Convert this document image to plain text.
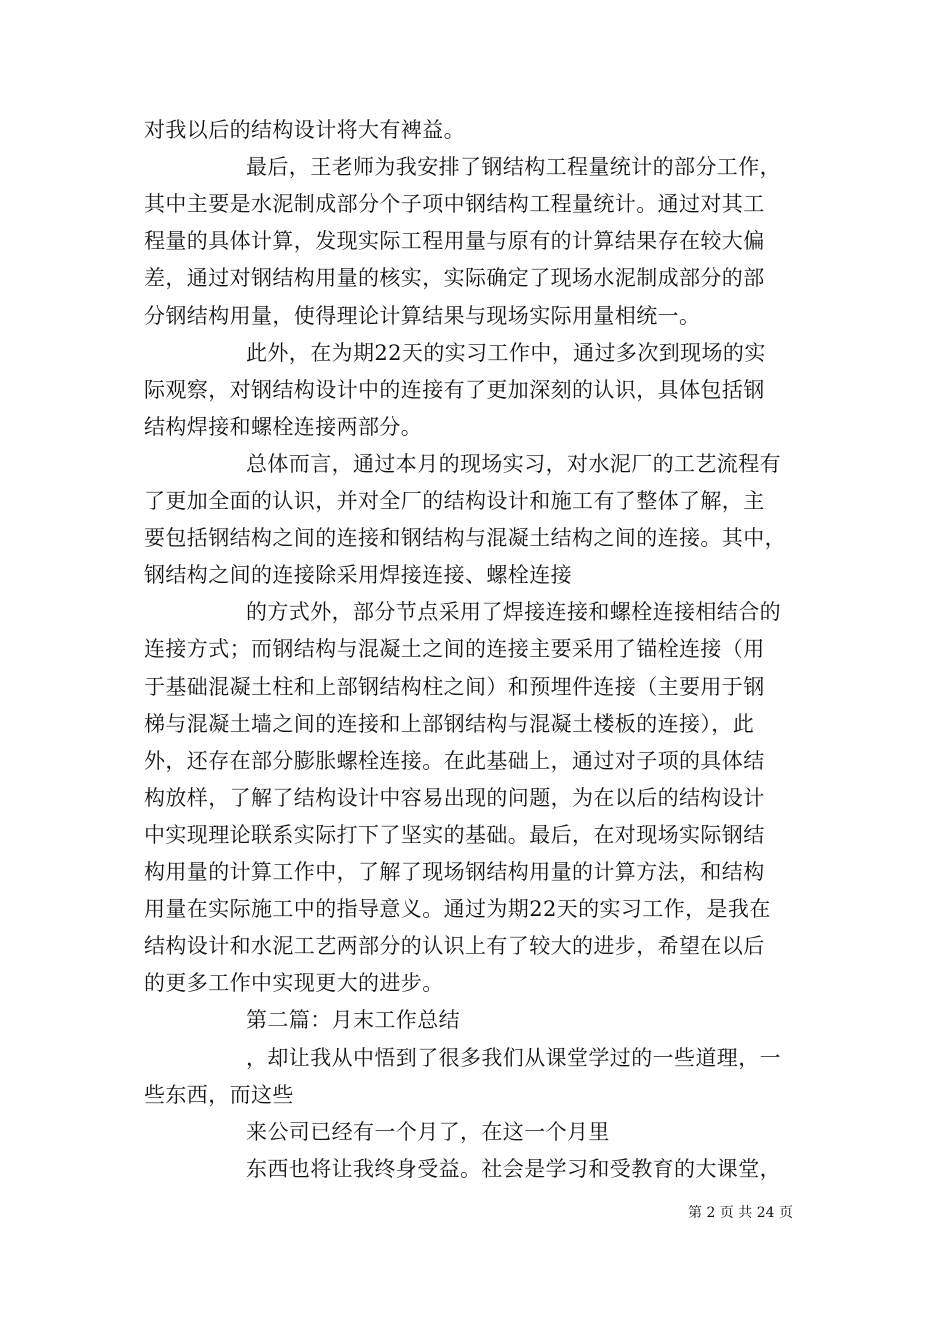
对我以后的结构设计将大有裨益。
最后，王老师为我安排了钢结构工程量统计的部分工作，
其中主要是水泥制成部分个子项中钢结构工程量统计。通过对其工
程量的具体计算，发现实际工程用量与原有的计算结果存在较大偏
差，通过对钢结构用量的核实，实际确定了现场水泥制成部分的部
分钢结构用量，使得理论计算结果与现场实际用量相统一。
此外，在为期22天的实习工作中，通过多次到现场的实
际观察，对钢结构设计中的连接有了更加深刻的认识，具体包括钢
结构焊接和螺栓连接两部分。
总体而言，通过本月的现场实习，对水泥厂的工艺流程有
了更加全面的认识，并对全厂的结构设计和施工有了整体了解，主
要包括钢结构之间的连接和钢结构与混凝土结构之间的连接。其中，
钢结构之间的连接除采用焊接连接、螺栓连接
的方式外，部分节点采用了焊接连接和螺栓连接相结合的
连接方式；而钢结构与混凝土之间的连接主要采用了锚栓连接（用
于基础混凝土柱和上部钢结构柱之间）和预埋件连接（主要用于钢
梯与混凝土墙之间的连接和上部钢结构与混凝土楼板的连接），此
外，还存在部分膨胀螺栓连接。在此基础上，通过对子项的具体结
构放样，了解了结构设计中容易出现的问题，为在以后的结构设计
中实现理论联系实际打下了坚实的基础。最后，在对现场实际钢结
构用量的计算工作中，了解了现场钢结构用量的计算方法，和结构
用量在实际施工中的指导意义。通过为期22天的实习工作，是我在
结构设计和水泥工艺两部分的认识上有了较大的进步，希望在以后
的更多工作中实现更大的进步。
第二篇：月末工作总结
，却让我从中悟到了很多我们从课堂学过的一些道理，一
些东西，而这些
来公司已经有一个月了，在这一个月里
东西也将让我终身受益。社会是学习和受教育的大课堂，
第 2 页 共 24 页
